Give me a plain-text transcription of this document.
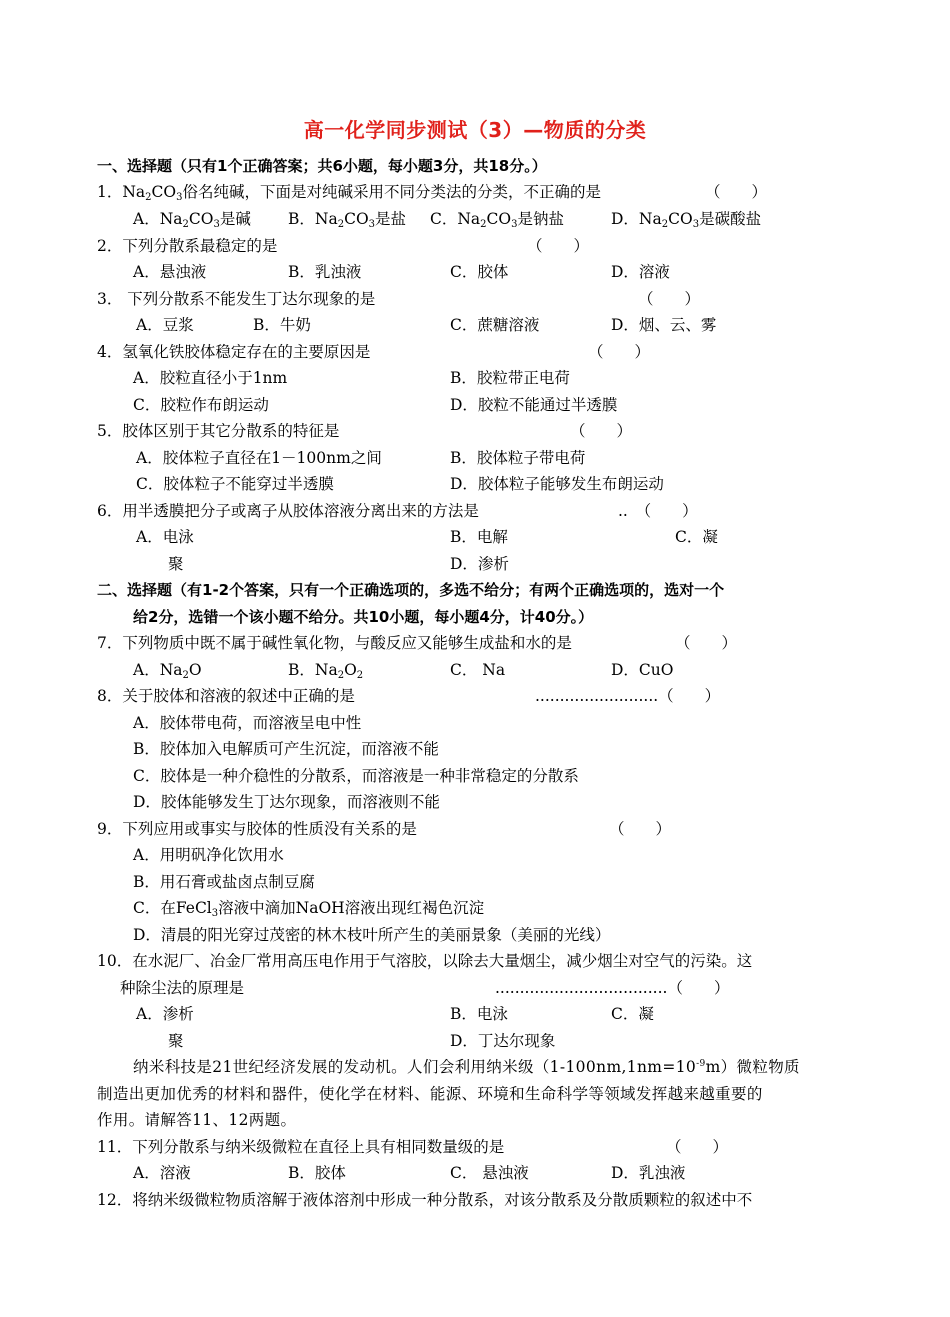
高一化学同步测试（3）—物质的分类
一、选择题（只有1个正确答案；共6小题，每小题3分，共18分。）
1．$Na_2CO_3$俗名纯碱，下面是对纯碱采用不同分类法的分类，不正确的是	（　　）
A．$Na_2CO_3$是碱 B．$Na_2CO_3$是盐 C．$Na_2CO_3$是钠盐	D．$Na_2CO_3$是碳酸盐
2．下列分散系最稳定的是	（　　）
A．悬浊液	B．乳浊液	C．胶体	D．溶液
3． 下列分散系不能发生丁达尔现象的是	（　　）
A．豆浆	B．牛奶	C．蔗糖溶液	D．烟、云、雾
4．氢氧化铁胶体稳定存在的主要原因是	（　　）
A．胶粒直径小于1nm	B．胶粒带正电荷
C．胶粒作布朗运动	D．胶粒不能通过半透膜
5．胶体区别于其它分散系的特征是	（　　）
A．胶体粒子直径在1－100nm之间	B．胶体粒子带电荷
C．胶体粒子不能穿过半透膜	D．胶体粒子能够发生布朗运动
6．用半透膜把分子或离子从胶体溶液分离出来的方法是	..　（　　）
A．电泳	B．电解	C．凝
聚	D．渗析
二、选择题（有1-2个答案，只有一个正确选项的，多选不给分；有两个正确选项的，选对一个
给2分，选错一个该小题不给分。共10小题，每小题4分，计40分。）
7．下列物质中既不属于碱性氧化物，与酸反应又能够生成盐和水的是	（　　）
A．$Na_2O$	B．$Na_2O_2$	C． Na	D．CuO
8．关于胶体和溶液的叙述中正确的是	.........................（　　）
A．胶体带电荷，而溶液呈电中性
B．胶体加入电解质可产生沉淀，而溶液不能
C．胶体是一种介稳性的分散系，而溶液是一种非常稳定的分散系
D．胶体能够发生丁达尔现象，而溶液则不能
9．下列应用或事实与胶体的性质没有关系的是	（　　）
A．用明矾净化饮用水
B．用石膏或盐卤点制豆腐
C．在FeCl$_3$溶液中滴加NaOH溶液出现红褐色沉淀
D．清晨的阳光穿过茂密的林木枝叶所产生的美丽景象（美丽的光线）
10．在水泥厂、冶金厂常用高压电作用于气溶胶，以除去大量烟尘，减少烟尘对空气的污染。这
种除尘法的原理是	...................................（　　）
A．渗析	B．电泳	C．凝
聚	D．丁达尔现象
纳米科技是21世纪经济发展的发动机。人们会利用纳米级$(1-100nm,1nm=10^{-9}m)$微粒物质
制造出更加优秀的材料和器件，使化学在材料、能源、环境和生命科学等领域发挥越来越重要的
作用。请解答11、12两题。
11．下列分散系与纳米级微粒在直径上具有相同数量级的是	（　　）
A．溶液	B．胶体	C． 悬浊液	D．乳浊液
12．将纳米级微粒物质溶解于液体溶剂中形成一种分散系，对该分散系及分散质颗粒的叙述中不
